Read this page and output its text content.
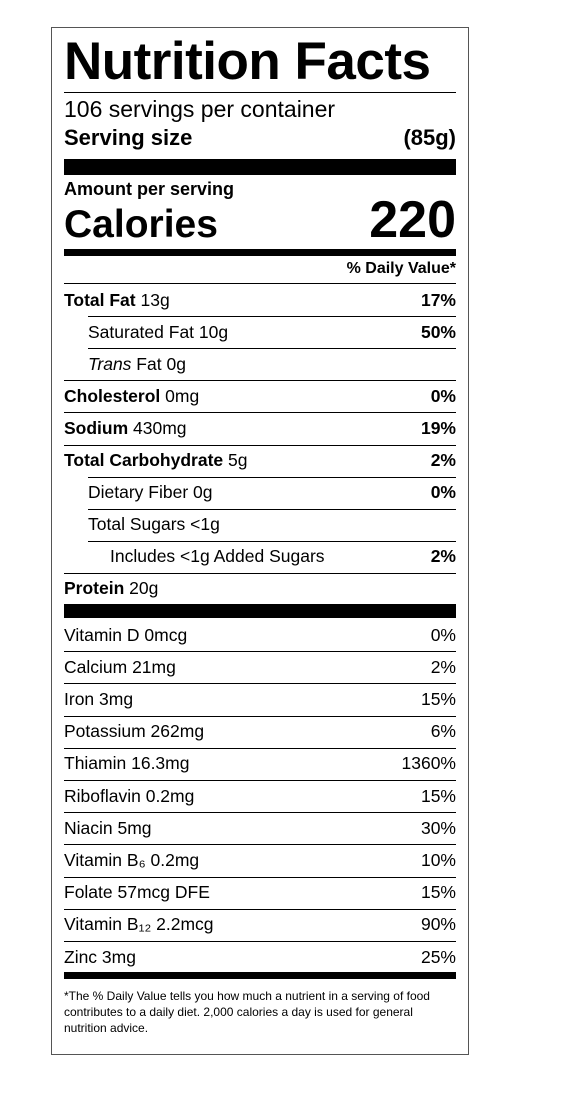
Nutrition Facts
106 servings per container
Serving size	(85g)
Amount per serving
Calories	220
% Daily Value*
*The % Daily Value tells you how much a nutrient in a serving of food contributes to a daily diet. 2,000 calories a day is used for general nutrition advice.
Total Fat 13g	17%
Saturated Fat 10g	50%
Trans Fat 0g
Cholesterol 0mg	0%
Sodium 430mg	19%
Total Carbohydrate 5g	2%
Dietary Fiber 0g	0%
Total Sugars <1g
Includes <1g Added Sugars	2%
Protein 20g
Vitamin D 0mcg	0%
Calcium 21mg	2%
Iron 3mg	15%
Potassium 262mg	6%
Thiamin 16.3mg	1360%
Riboflavin 0.2mg	15%
Niacin 5mg	30%
Vitamin B₆ 0.2mg	10%
Folate 57mcg DFE	15%
Vitamin B₁₂ 2.2mcg	90%
Zinc 3mg	25%
